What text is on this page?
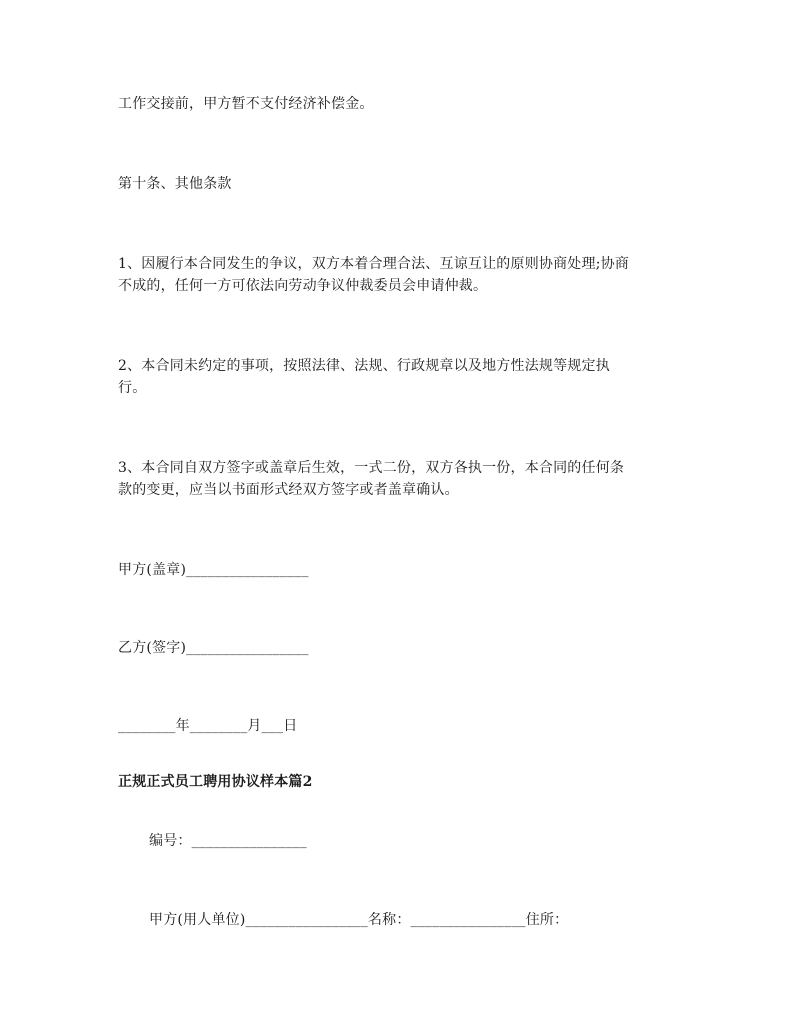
工作交接前，甲方暂不支付经济补偿金。
第十条、其他条款
1、因履行本合同发生的争议，双方本着合理合法、互谅互让的原则协商处理;协商
不成的，任何一方可依法向劳动争议仲裁委员会申请仲裁。
2、本合同未约定的事项，按照法律、法规、行政规章以及地方性法规等规定执
行。
3、本合同自双方签字或盖章后生效，一式二份，双方各执一份，本合同的任何条
款的变更，应当以书面形式经双方签字或者盖章确认。
甲方(盖章)_________________
乙方(签字)_________________
________年________月___日
正规正式员工聘用协议样本篇2
编号：________________
甲方(用人单位)_________________名称：________________住所：
